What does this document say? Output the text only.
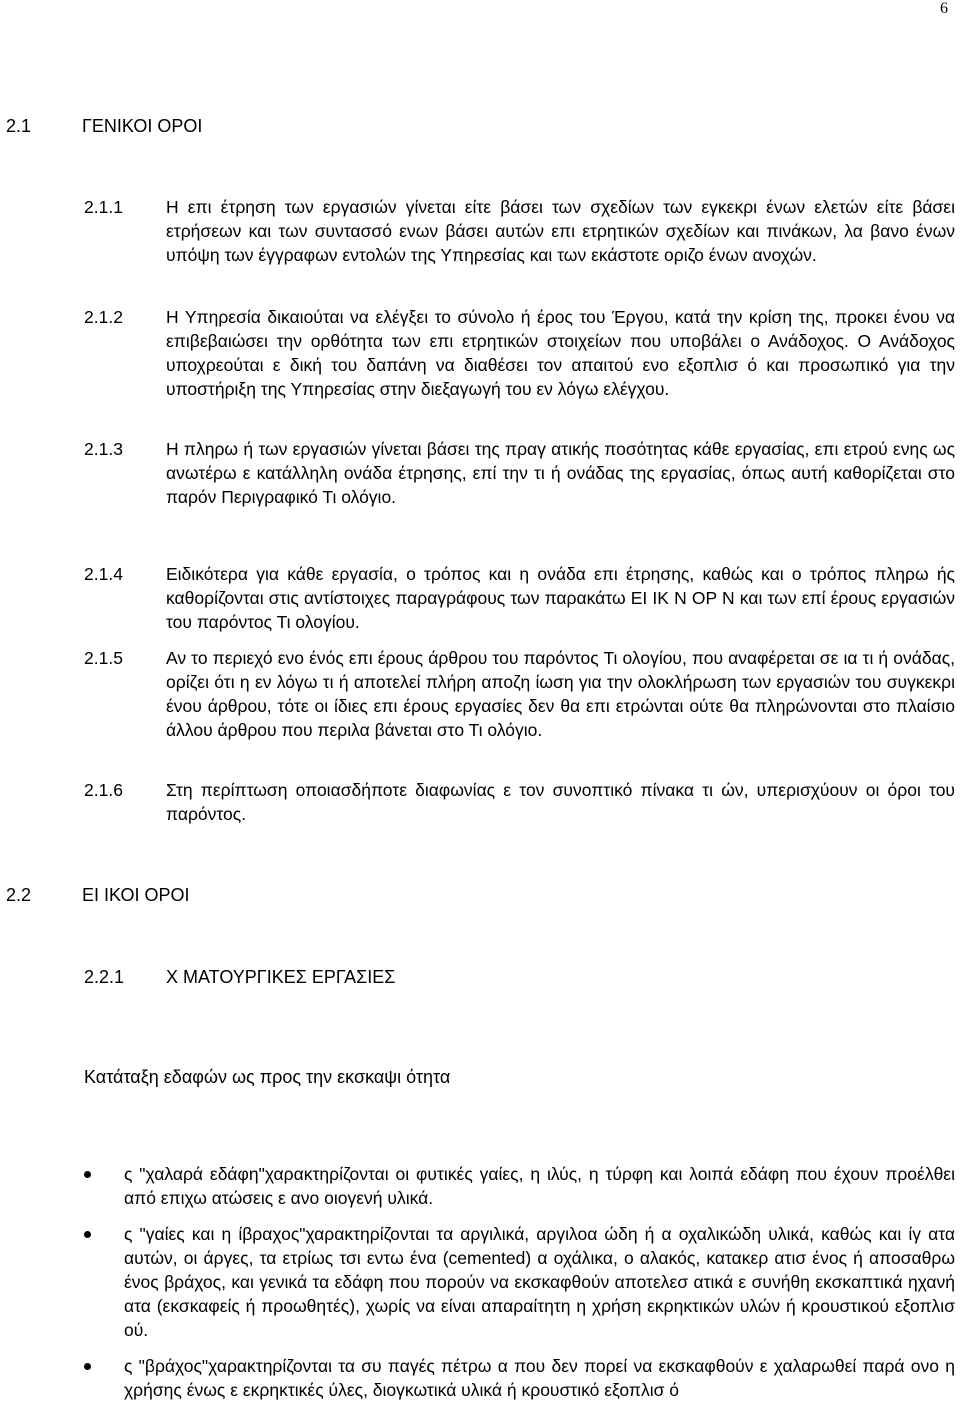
6
2.1	ΓΕΝΙΚΟΙ ΟΡΟΙ
2.1.1 Η επι έτρηση των εργασιών γίνεται είτε βάσει των σχεδίων των εγκεκρι ένων ελετών είτε βάσει ετρήσεων και των συντασσό ενων βάσει αυτών επι ετρητικών σχεδίων και πινάκων, λα βανο ένων υπόψη των έγγραφων εντολών της Υπηρεσίας και των εκάστοτε οριζο ένων ανοχών.
2.1.2 Η Υπηρεσία δικαιούται να ελέγξει το σύνολο ή έρος του Έργου, κατά την κρίση της, προκει ένου να επιβεβαιώσει την ορθότητα των επι ετρητικών στοιχείων που υποβάλει ο Ανάδοχος. Ο Ανάδοχος υποχρεούται ε δική του δαπάνη να διαθέσει τον απαιτού ενο εξοπλισ ό και προσωπικό για την υποστήριξη της Υπηρεσίας στην διεξαγωγή του εν λόγω ελέγχου.
2.1.3 Η πληρω ή των εργασιών γίνεται βάσει της πραγ ατικής ποσότητας κάθε εργασίας, επι ετρού ενης ως ανωτέρω ε κατάλληλη ονάδα έτρησης, επί την τι ή ονάδας της εργασίας, όπως αυτή καθορίζεται στο παρόν Περιγραφικό Τι ολόγιο.
2.1.4 Ειδικότερα για κάθε εργασία, ο τρόπος και η ονάδα επι έτρησης, καθώς και ο τρόπος πληρω ής καθορίζονται στις αντίστοιχες παραγράφους των παρακάτω ΕΙ ΙΚ Ν ΟΡ Ν και των επί έρους εργασιών του παρόντος Τι ολογίου.
2.1.5 Αν το περιεχό ενο ένός επι έρους άρθρου του παρόντος Τι ολογίου, που αναφέρεται σε ια τι ή ονάδας, ορίζει ότι η εν λόγω τι ή αποτελεί πλήρη αποζη ίωση για την ολοκλήρωση των εργασιών του συγκεκρι ένου άρθρου, τότε οι ίδιες επι έρους εργασίες δεν θα επι ετρώνται ούτε θα πληρώνονται στο πλαίσιο άλλου άρθρου που περιλα βάνεται στο Τι ολόγιο.
2.1.6 Στη περίπτωση οποιασδήποτε διαφωνίας ε τον συνοπτικό πίνακα τι ών, υπερισχύουν οι όροι του παρόντος.
2.2	ΕΙ ΙΚΟΙ ΟΡΟΙ
2.2.1 Χ ΜΑΤΟΥΡΓΙΚΕΣ ΕΡΓΑΣΙΕΣ
Κατάταξη εδαφών ως προς την εκσκαψι ότητα
ς "χαλαρά εδάφη"χαρακτηρίζονται οι φυτικές γαίες, η ιλύς, η τύρφη και λοιπά εδάφη που έχουν προέλθει από επιχω ατώσεις ε ανο οιογενή υλικά.
ς "γαίες και η ίβραχος"χαρακτηρίζονται τα αργιλικά, αργιλοα ώδη ή α οχαλικώδη υλικά, καθώς και ίγ ατα αυτών, οι άργες, τα ετρίως τσι εντω ένα (cemented) α οχάλικα, ο αλακός, κατακερ ατισ ένος ή αποσαθρω ένος βράχος, και γενικά τα εδάφη που πορούν να εκσκαφθούν αποτελεσ ατικά ε συνήθη εκσκαπτικά ηχανή ατα (εκσκαφείς ή προωθητές), χωρίς να είναι απαραίτητη η χρήση εκρηκτικών υλών ή κρουστικού εξοπλισ ού.
ς "βράχος"χαρακτηρίζονται τα συ παγές πέτρω α που δεν πορεί να εκσκαφθούν ε χαλαρωθεί παρά ονο η χρήσης ένως ε εκρηκτικές ύλες, διογκωτικά υλικά ή κρουστικό εξοπλισ ό
